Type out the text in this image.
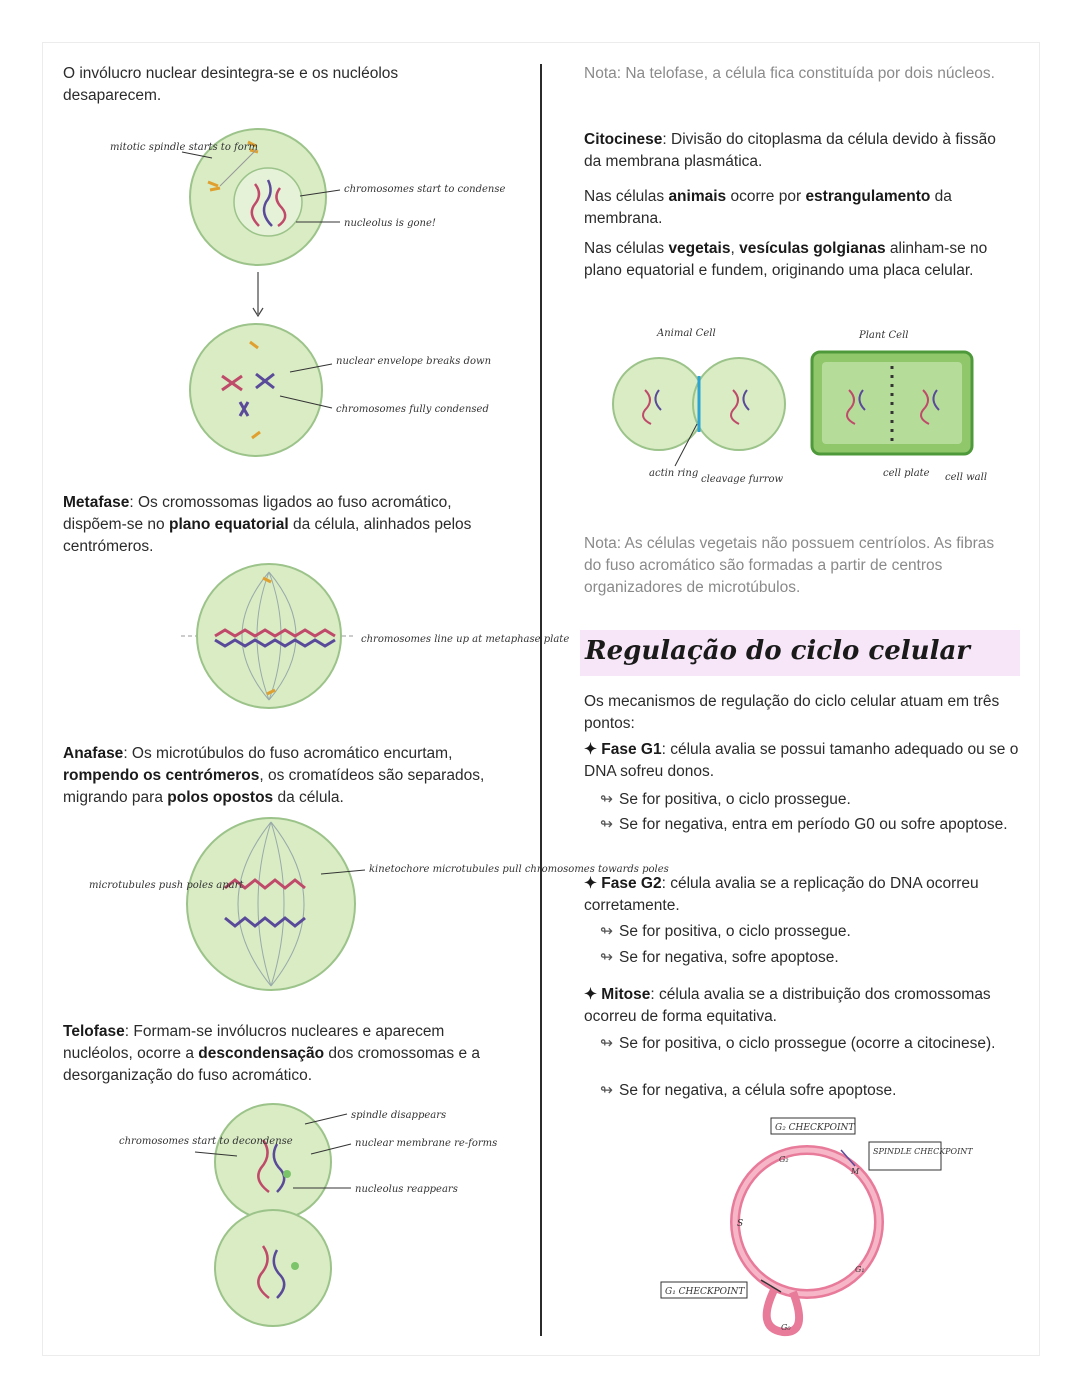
O invólucro nuclear desintegra-se e os nucléolos desaparecem.
mitotic spindle starts to form
chromosomes start to condense
nucleolus is gone!
nuclear envelope breaks down
chromosomes fully condensed
Metafase: Os cromossomas ligados ao fuso acromático, dispõem-se no plano equatorial da célula, alinhados pelos centrómeros.
chromosomes line up at metaphase plate
Anafase: Os microtúbulos do fuso acromático encurtam, rompendo os centrómeros, os cromatídeos são separados, migrando para polos opostos da célula.
microtubules push poles apart
kinetochore microtubules pull chromosomes towards poles
Telofase: Formam-se invólucros nucleares e aparecem nucléolos, ocorre a descondensação dos cromossomas e a desorganização do fuso acromático.
spindle disappears
chromosomes start to decondense	nuclear membrane re-forms
nucleolus reappears
Nota: Na telofase, a célula fica constituída por dois núcleos.
Citocinese: Divisão do citoplasma da célula devido à fissão da membrana plasmática.
Nas células animais ocorre por estrangulamento da membrana.
Nas células vegetais, vesículas golgianas alinham-se no plano equatorial e fundem, originando uma placa celular.
Animal Cell	Plant Cell
actin ring
cleavage furrow
cell plate cell wall
Nota: As células vegetais não possuem centríolos. As fibras do fuso acromático são formadas a partir de centros organizadores de microtúbulos.
Regulação do ciclo celular
Os mecanismos de regulação do ciclo celular atuam em três pontos:
✦ Fase G1: célula avalia se possui tamanho adequado ou se o DNA sofreu donos.
↬ Se for positiva, o ciclo prossegue.
↬ Se for negativa, entra em período G0 ou sofre apoptose.
✦ Fase G2: célula avalia se a replicação do DNA ocorreu corretamente.
↬ Se for positiva, o ciclo prossegue.
↬ Se for negativa, sofre apoptose.
✦ Mitose: célula avalia se a distribuição dos cromossomas ocorreu de forma equitativa.
↬ Se for positiva, o ciclo prossegue (ocorre a citocinese).
↬ Se for negativa, a célula sofre apoptose.
G₂ CHECKPOINT
SPINDLE CHECKPOINT
G₁ CHECKPOINT
S
G₂
M
G₁
G₀
